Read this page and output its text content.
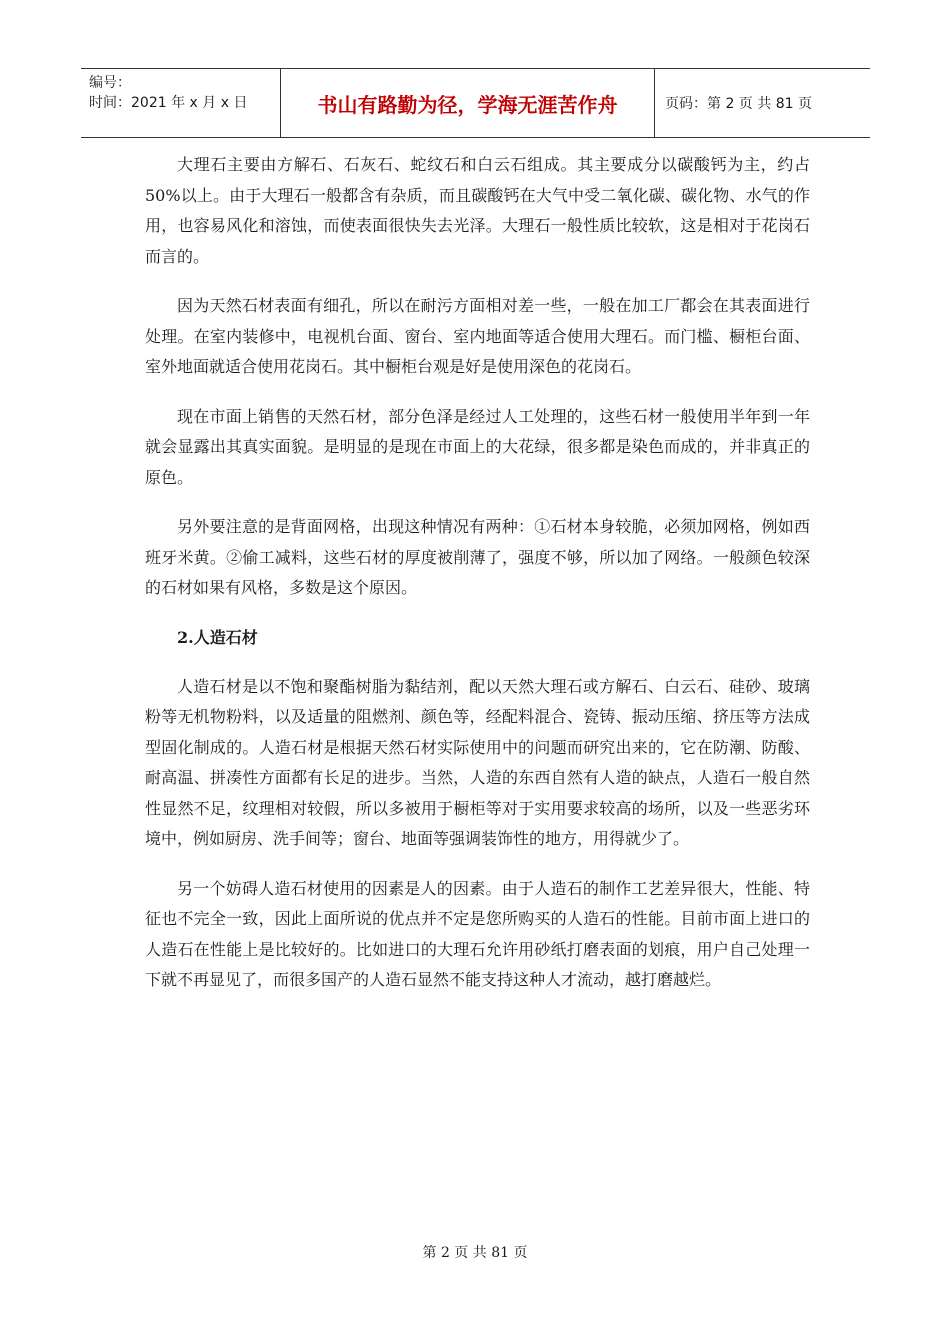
编号：
时间：2021 年 x 月 x 日	书山有路勤为径，学海无涯苦作舟	页码：第 2 页 共 81 页

大理石主要由方解石、石灰石、蛇纹石和白云石组成。其主要成分以碳酸钙为主，约占 50%以上。由于大理石一般都含有杂质，而且碳酸钙在大气中受二氧化碳、碳化物、水气的作用，也容易风化和溶蚀，而使表面很快失去光泽。大理石一般性质比较软，这是相对于花岗石而言的。

因为天然石材表面有细孔，所以在耐污方面相对差一些，一般在加工厂都会在其表面进行处理。在室内装修中，电视机台面、窗台、室内地面等适合使用大理石。而门槛、橱柜台面、室外地面就适合使用花岗石。其中橱柜台观是好是使用深色的花岗石。

现在市面上销售的天然石材，部分色泽是经过人工处理的，这些石材一般使用半年到一年就会显露出其真实面貌。是明显的是现在市面上的大花绿，很多都是染色而成的，并非真正的原色。

另外要注意的是背面网格，出现这种情况有两种：①石材本身较脆，必须加网格，例如西班牙米黄。②偷工减料，这些石材的厚度被削薄了，强度不够，所以加了网络。一般颜色较深的石材如果有风格，多数是这个原因。

2.人造石材

人造石材是以不饱和聚酯树脂为黏结剂，配以天然大理石或方解石、白云石、硅砂、玻璃粉等无机物粉料，以及适量的阻燃剂、颜色等，经配料混合、瓷铸、振动压缩、挤压等方法成型固化制成的。人造石材是根据天然石材实际使用中的问题而研究出来的，它在防潮、防酸、耐高温、拼凑性方面都有长足的进步。当然，人造的东西自然有人造的缺点，人造石一般自然性显然不足，纹理相对较假，所以多被用于橱柜等对于实用要求较高的场所，以及一些恶劣环境中，例如厨房、洗手间等；窗台、地面等强调装饰性的地方，用得就少了。

另一个妨碍人造石材使用的因素是人的因素。由于人造石的制作工艺差异很大，性能、特征也不完全一致，因此上面所说的优点并不定是您所购买的人造石的性能。目前市面上进口的人造石在性能上是比较好的。比如进口的大理石允许用砂纸打磨表面的划痕，用户自己处理一下就不再显见了，而很多国产的人造石显然不能支持这种人才流动，越打磨越烂。

第 2 页 共 81 页
